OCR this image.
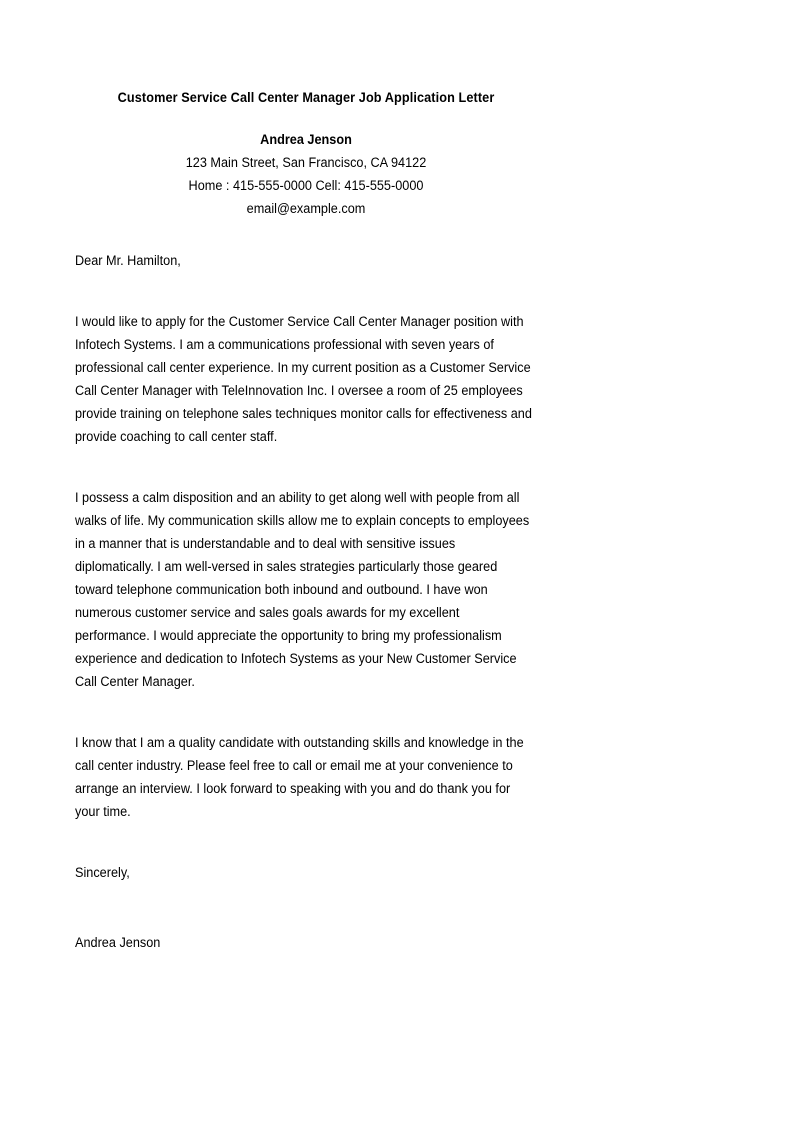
Customer Service Call Center Manager Job Application Letter
Andrea Jenson
123 Main Street, San Francisco, CA 94122
Home : 415-555-0000 Cell: 415-555-0000
email@example.com

Dear Mr. Hamilton,

I would like to apply for the Customer Service Call Center Manager position with Infotech Systems. I am a communications professional with seven years of professional call center experience. In my current position as a Customer Service Call Center Manager with TeleInnovation Inc. I oversee a room of 25 employees provide training on telephone sales techniques monitor calls for effectiveness and provide coaching to call center staff.

I possess a calm disposition and an ability to get along well with people from all walks of life. My communication skills allow me to explain concepts to employees in a manner that is understandable and to deal with sensitive issues diplomatically. I am well-versed in sales strategies particularly those geared toward telephone communication both inbound and outbound. I have won numerous customer service and sales goals awards for my excellent performance. I would appreciate the opportunity to bring my professionalism experience and dedication to Infotech Systems as your New Customer Service Call Center Manager.

I know that I am a quality candidate with outstanding skills and knowledge in the call center industry. Please feel free to call or email me at your convenience to arrange an interview. I look forward to speaking with you and do thank you for your time.

Sincerely,

Andrea Jenson
